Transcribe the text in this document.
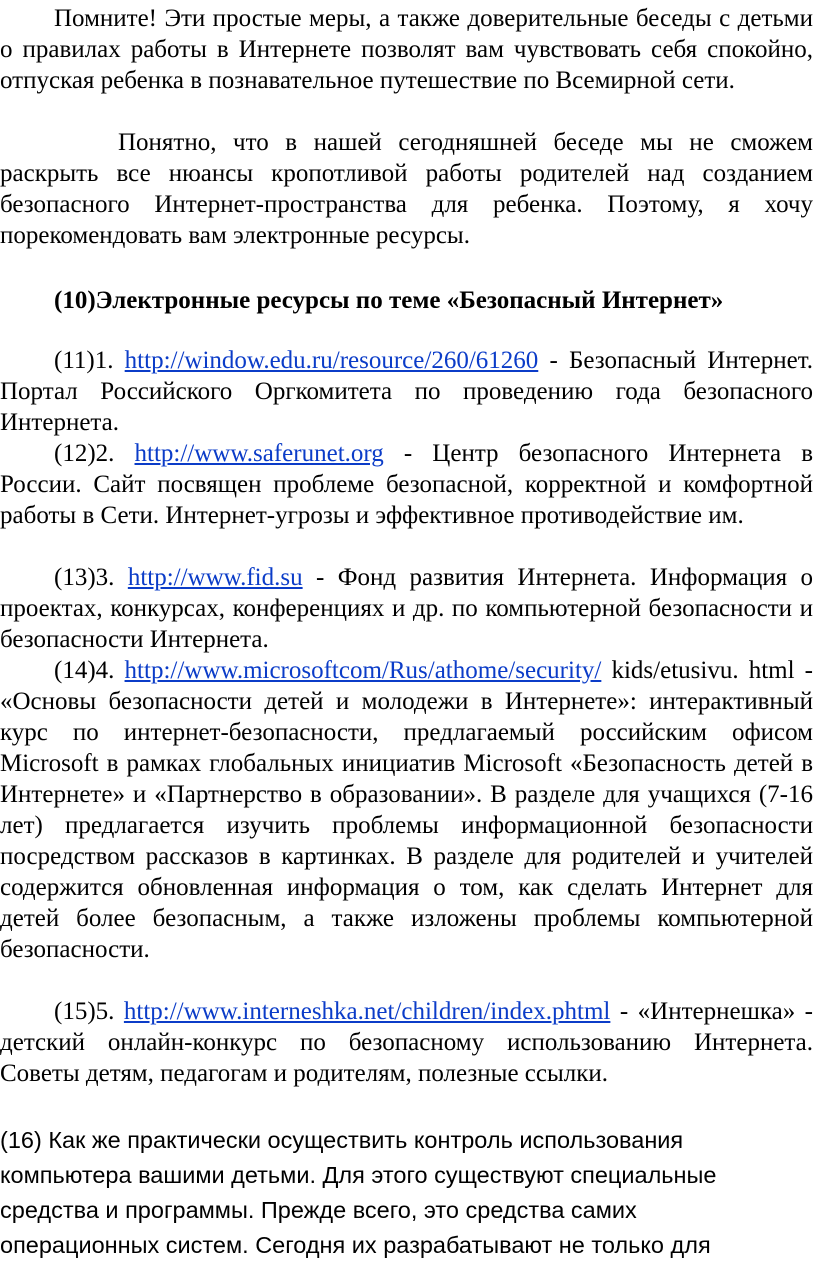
Помните! Эти простые меры, а также доверительные беседы с детьми о правилах работы в Интернете позволят вам чувствовать себя спокойно, отпуская ребенка в познавательное путешествие по Всемирной сети.

Понятно, что в нашей сегодняшней беседе мы не сможем раскрыть все нюансы кропотливой работы родителей над созданием безопасного Интернет-пространства для ребенка. Поэтому, я хочу порекомендовать вам электронные ресурсы.

(10)Электронные ресурсы по теме «Безопасный Интернет»

(11)1. http://window.edu.ru/resource/260/61260 - Безопасный Интернет. Портал Российского Оргкомитета по проведению года безопасного Интернета.

(12)2. http://www.saferunet.org - Центр безопасного Интернета в России. Сайт посвящен проблеме безопасной, корректной и комфортной работы в Сети. Интернет-угрозы и эффективное противодействие им.

(13)3. http://www.fid.su - Фонд развития Интернета. Информация о проектах, конкурсах, конференциях и др. по компьютерной безопасности и безопасности Интернета.

(14)4. http://www.microsoftcom/Rus/athome/security/ kids/etusivu. html - «Основы безопасности детей и молодежи в Интернете»: интерактивный курс по интернет-безопасности, предлагаемый российским офисом Microsoft в рамках глобальных инициатив Microsoft «Безопасность детей в Интернете» и «Партнерство в образовании». В разделе для учащихся (7-16 лет) предлагается изучить проблемы информационной безопасности посредством рассказов в картинках. В разделе для родителей и учителей содержится обновленная информация о том, как сделать Интернет для детей более безопасным, а также изложены проблемы компьютерной безопасности.

(15)5. http://www.interneshka.net/children/index.phtml - «Интернешка» - детский онлайн-конкурс по безопасному использованию Интернета. Советы детям, педагогам и родителям, полезные ссылки.

(16) Как же практически осуществить контроль использования компьютера вашими детьми. Для этого существуют специальные средства и программы. Прежде всего, это средства самих операционных систем. Сегодня их разрабатывают не только для
